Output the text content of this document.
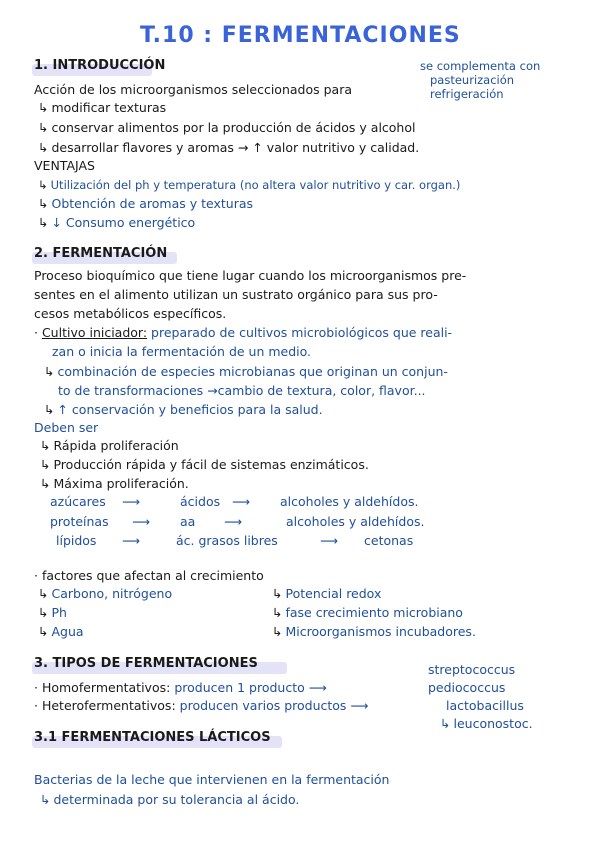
T.10 : FERMENTACIONES
1. INTRODUCCIÓN	se complementa con
pasteurización
refrigeración
Acción de los microorganismos seleccionados para
↳ modificar texturas
↳ conservar alimentos por la producción de ácidos y alcohol
↳ desarrollar flavores y aromas → ↑ valor nutritivo y calidad.
VENTAJAS
↳ Utilización del ph y temperatura (no altera valor nutritivo y car. organ.)
↳ Obtención de aromas y texturas
↳ ↓ Consumo energético
2. FERMENTACIÓN
Proceso bioquímico que tiene lugar cuando los microorganismos pre-
sentes en el alimento utilizan un sustrato orgánico para sus pro-
cesos metabólicos específicos.
· Cultivo iniciador: preparado de cultivos microbiológicos que reali-
zan o inicia la fermentación de un medio.
↳ combinación de especies microbianas que originan un conjun-
to de transformaciones →cambio de textura, color, flavor...
↳ ↑ conservación y beneficios para la salud.
Deben ser
↳ Rápida proliferación
↳ Producción rápida y fácil de sistemas enzimáticos.
↳ Máxima proliferación.
azúcares ⟶	ácidos ⟶ alcoholes y aldehídos.
proteínas ⟶ aa ⟶	alcoholes y aldehídos.
lípidos ⟶	ác. grasos libres	⟶ cetonas
· factores que afectan al crecimiento
↳ Carbono, nitrógeno
↳ Ph
↳ Agua
↳ Potencial redox
↳ fase crecimiento microbiano
↳ Microorganismos incubadores.
3. TIPOS DE FERMENTACIONES
· Homofermentativos: producen 1 producto ⟶
streptococcus
pediococcus
· Heterofermentativos: producen varios productos ⟶	lactobacillus
↳ leuconostoc.
3.1 FERMENTACIONES LÁCTICOS
Bacterias de la leche que intervienen en la fermentación
↳ determinada por su tolerancia al ácido.
